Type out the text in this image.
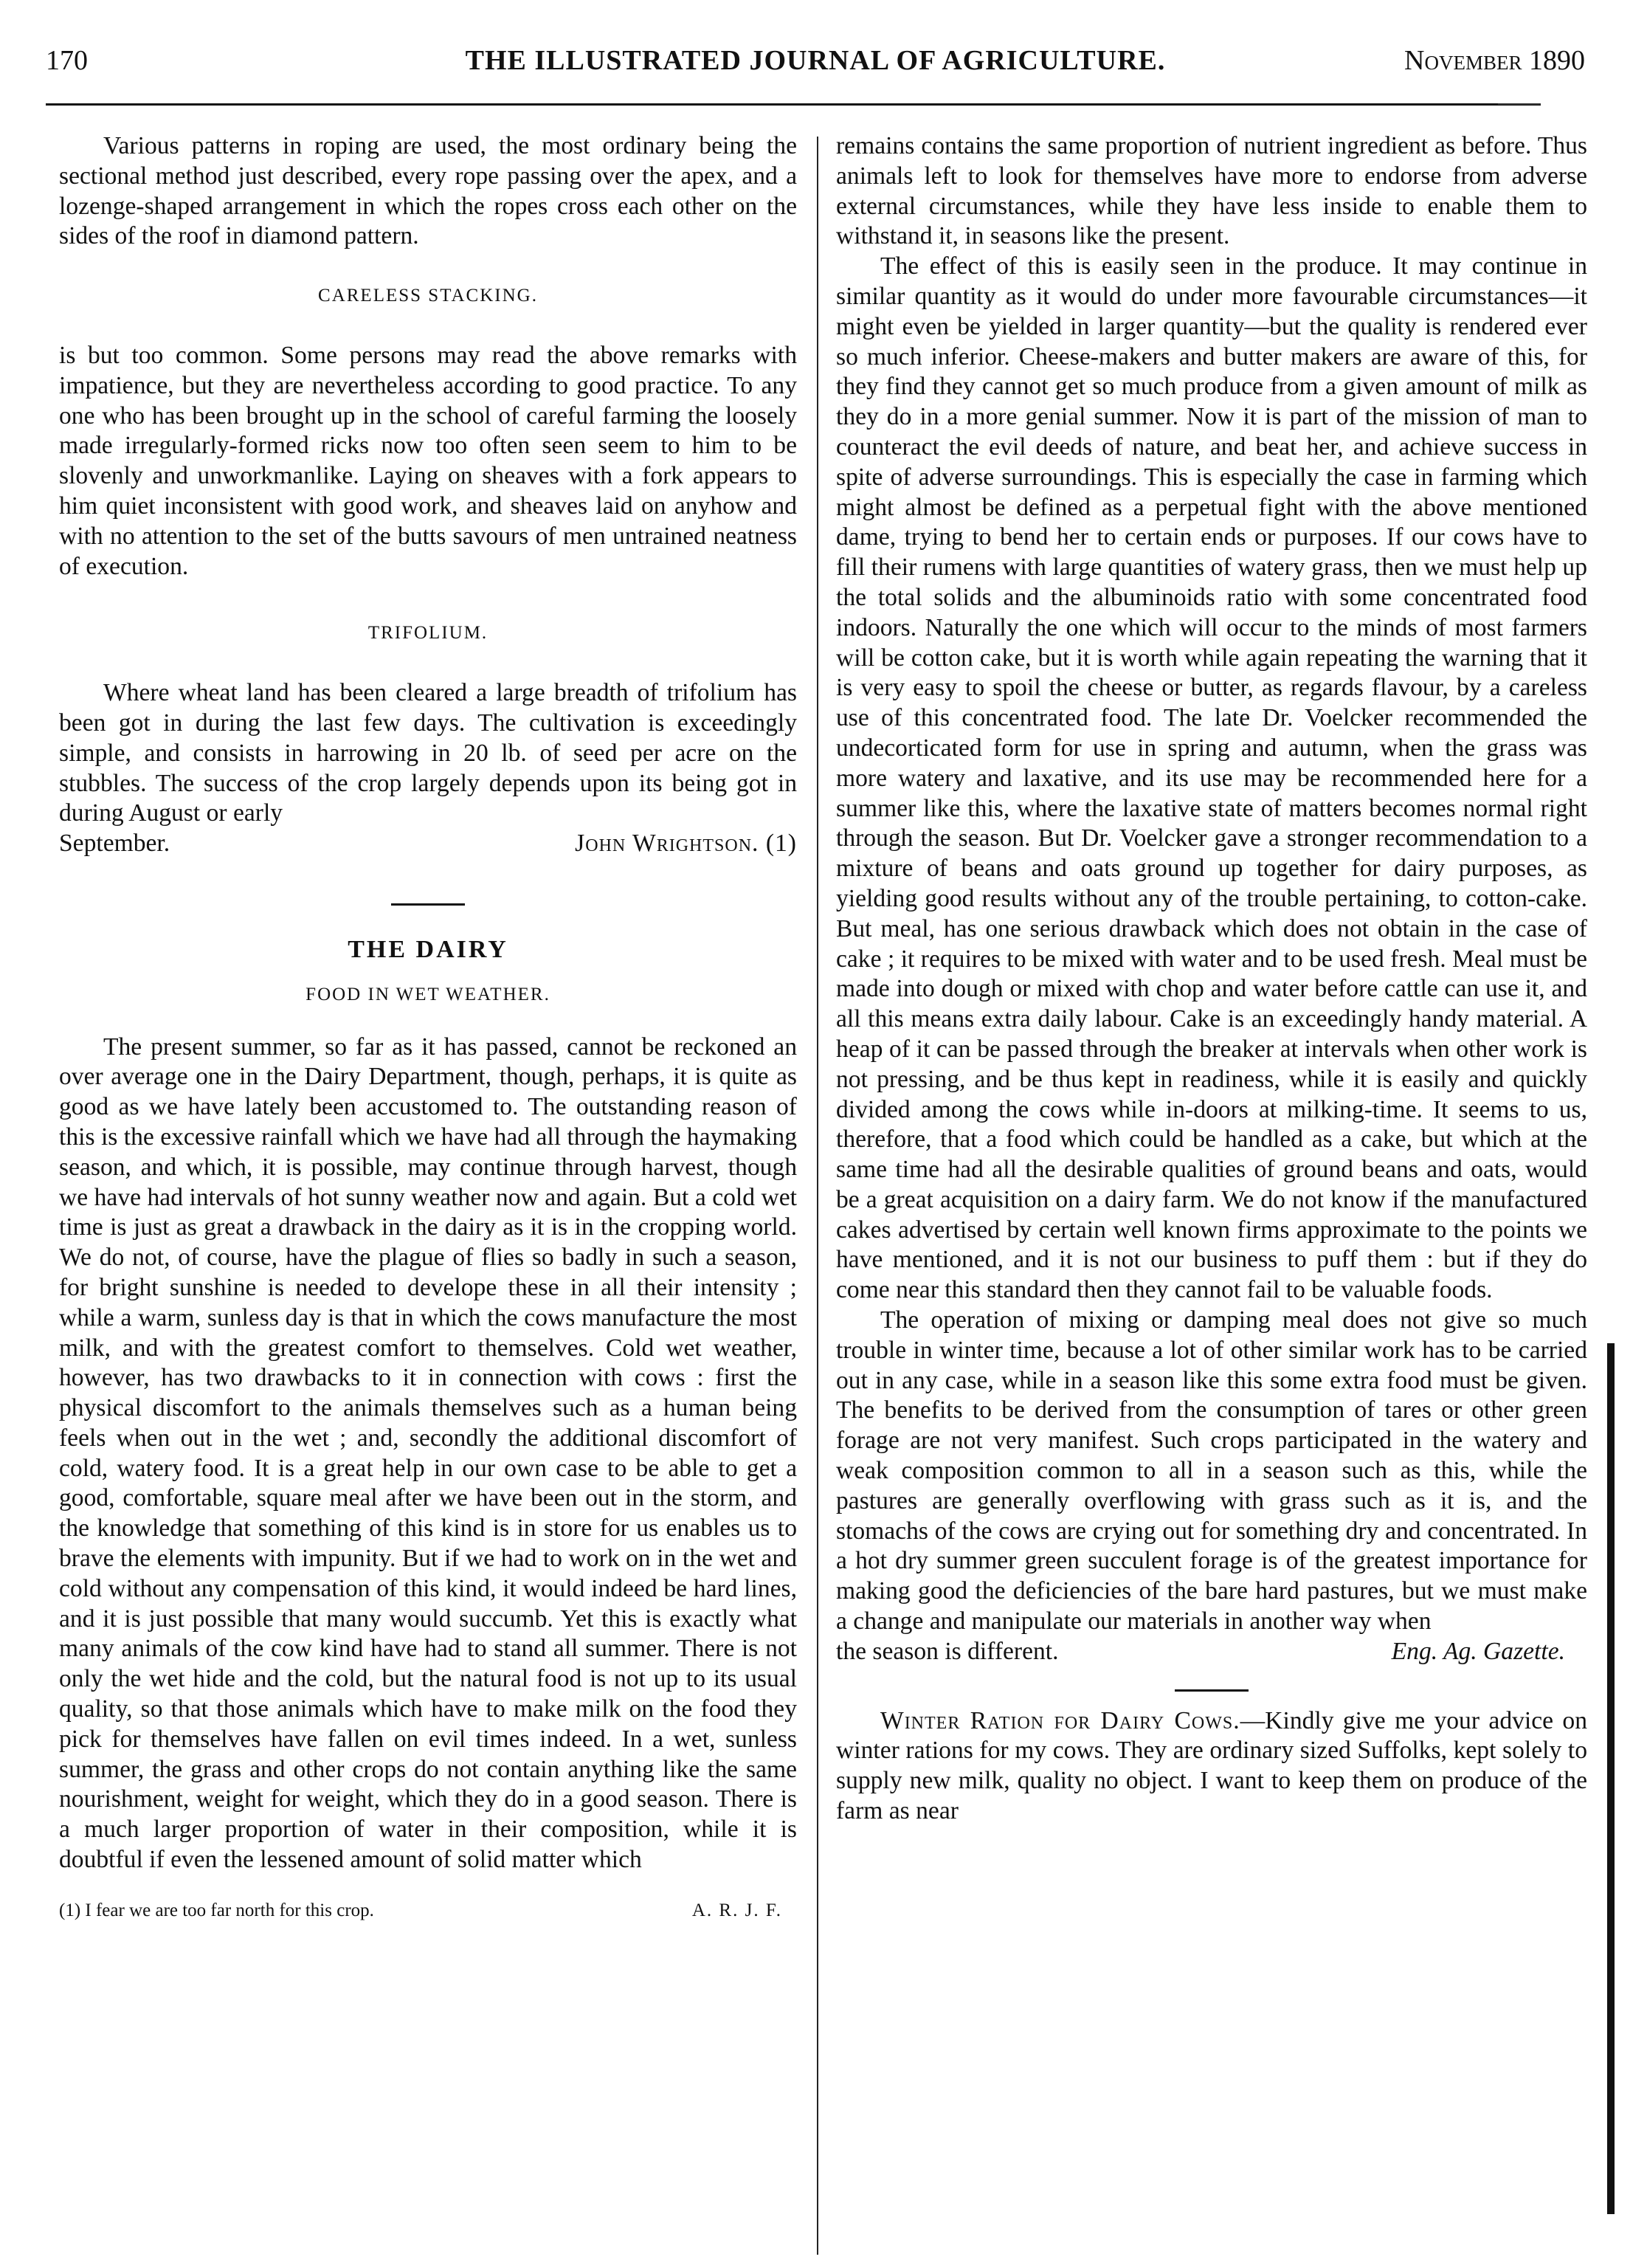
170	THE ILLUSTRATED JOURNAL OF AGRICULTURE.	November 1890

Various patterns in roping are used, the most ordinary being the sectional method just described, every rope passing over the apex, and a lozenge-shaped arrangement in which the ropes cross each other on the sides of the roof in diamond pattern.

CARELESS STACKING.

is but too common. Some persons may read the above remarks with impatience, but they are nevertheless according to good practice. To any one who has been brought up in the school of careful farming the loosely made irregularly-formed ricks now too often seen seem to him to be slovenly and unworkmanlike. Laying on sheaves with a fork appears to him quiet inconsistent with good work, and sheaves laid on anyhow and with no attention to the set of the butts savours of men untrained neatness of execution.

TRIFOLIUM.

Where wheat land has been cleared a large breadth of trifolium has been got in during the last few days. The cultivation is exceedingly simple, and consists in harrowing in 20 lb. of seed per acre on the stubbles. The success of the crop largely depends upon its being got in during August or early

September.	John Wrightson. (1)

THE DAIRY

FOOD IN WET WEATHER.

The present summer, so far as it has passed, cannot be reckoned an over average one in the Dairy Department, though, perhaps, it is quite as good as we have lately been accustomed to. The outstanding reason of this is the excessive rainfall which we have had all through the haymaking season, and which, it is possible, may continue through harvest, though we have had intervals of hot sunny weather now and again. But a cold wet time is just as great a drawback in the dairy as it is in the cropping world. We do not, of course, have the plague of flies so badly in such a season, for bright sunshine is needed to develope these in all their intensity ; while a warm, sunless day is that in which the cows manufacture the most milk, and with the greatest comfort to themselves. Cold wet weather, however, has two drawbacks to it in connection with cows : first the physical discomfort to the animals themselves such as a human being feels when out in the wet ; and, secondly the additional discomfort of cold, watery food. It is a great help in our own case to be able to get a good, comfortable, square meal after we have been out in the storm, and the knowledge that something of this kind is in store for us enables us to brave the elements with impunity. But if we had to work on in the wet and cold without any compensation of this kind, it would indeed be hard lines, and it is just possible that many would succumb. Yet this is exactly what many animals of the cow kind have had to stand all summer. There is not only the wet hide and the cold, but the natural food is not up to its usual quality, so that those animals which have to make milk on the food they pick for themselves have fallen on evil times indeed. In a wet, sunless summer, the grass and other crops do not contain anything like the same nourishment, weight for weight, which they do in a good season. There is a much larger proportion of water in their composition, while it is doubtful if even the lessened amount of solid matter which

(1) I fear we are too far north for this crop.	A. R. J. F.

remains contains the same proportion of nutrient ingredient as before. Thus animals left to look for themselves have more to endorse from adverse external circumstances, while they have less inside to enable them to withstand it, in seasons like the present.

The effect of this is easily seen in the produce. It may continue in similar quantity as it would do under more favourable circumstances—it might even be yielded in larger quantity—but the quality is rendered ever so much inferior. Cheese-makers and butter makers are aware of this, for they find they cannot get so much produce from a given amount of milk as they do in a more genial summer. Now it is part of the mission of man to counteract the evil deeds of nature, and beat her, and achieve success in spite of adverse surroundings. This is especially the case in farming which might almost be defined as a perpetual fight with the above mentioned dame, trying to bend her to certain ends or purposes. If our cows have to fill their rumens with large quantities of watery grass, then we must help up the total solids and the albuminoids ratio with some concentrated food indoors. Naturally the one which will occur to the minds of most farmers will be cotton cake, but it is worth while again repeating the warning that it is very easy to spoil the cheese or butter, as regards flavour, by a careless use of this concentrated food. The late Dr. Voelcker recommended the undecorticated form for use in spring and autumn, when the grass was more watery and laxative, and its use may be recommended here for a summer like this, where the laxative state of matters becomes normal right through the season. But Dr. Voelcker gave a stronger recommendation to a mixture of beans and oats ground up together for dairy purposes, as yielding good results without any of the trouble pertaining, to cotton-cake. But meal, has one serious drawback which does not obtain in the case of cake ; it requires to be mixed with water and to be used fresh. Meal must be made into dough or mixed with chop and water before cattle can use it, and all this means extra daily labour. Cake is an exceedingly handy material. A heap of it can be passed through the breaker at intervals when other work is not pressing, and be thus kept in readiness, while it is easily and quickly divided among the cows while in-doors at milking-time. It seems to us, therefore, that a food which could be handled as a cake, but which at the same time had all the desirable qualities of ground beans and oats, would be a great acquisition on a dairy farm. We do not know if the manufactured cakes advertised by certain well known firms approximate to the points we have mentioned, and it is not our business to puff them : but if they do come near this standard then they cannot fail to be valuable foods.

The operation of mixing or damping meal does not give so much trouble in winter time, because a lot of other similar work has to be carried out in any case, while in a season like this some extra food must be given. The benefits to be derived from the consumption of tares or other green forage are not very manifest. Such crops participated in the watery and weak composition common to all in a season such as this, while the pastures are generally overflowing with grass such as it is, and the stomachs of the cows are crying out for something dry and concentrated. In a hot dry summer green succulent forage is of the greatest importance for making good the deficiencies of the bare hard pastures, but we must make a change and manipulate our materials in another way when

the season is different.	Eng. Ag. Gazette.

Winter Ration for Dairy Cows.—Kindly give me your advice on winter rations for my cows. They are ordinary sized Suffolks, kept solely to supply new milk, quality no object. I want to keep them on produce of the farm as near
